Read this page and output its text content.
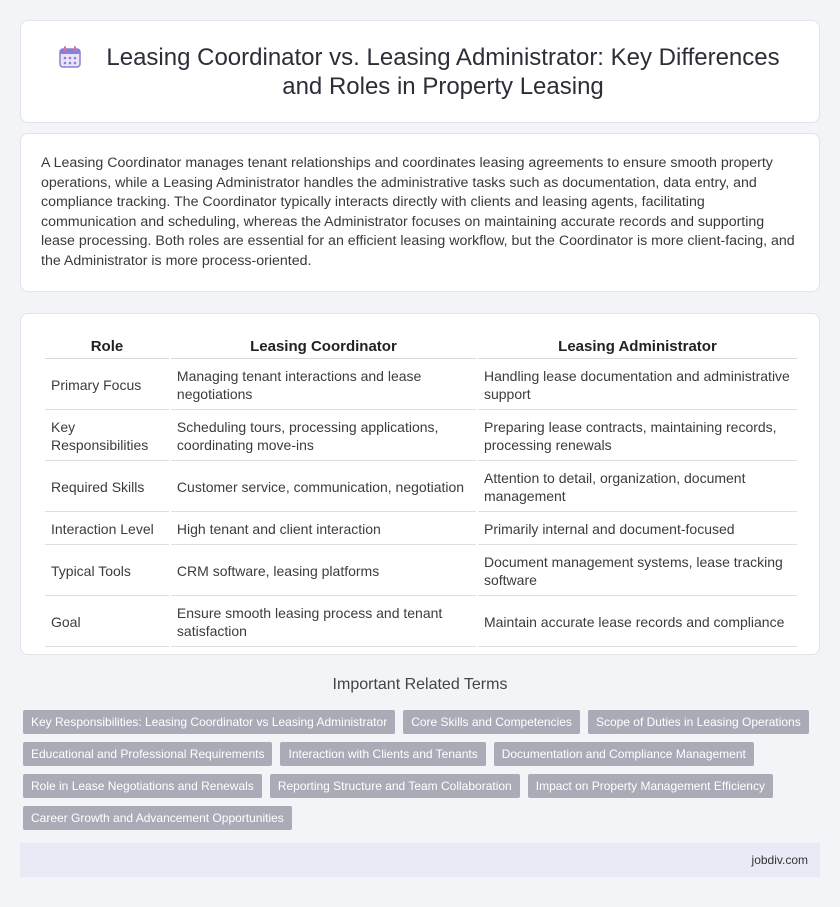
Leasing Coordinator vs. Leasing Administrator: Key Differences and Roles in Property Leasing

A Leasing Coordinator manages tenant relationships and coordinates leasing agreements to ensure smooth property operations, while a Leasing Administrator handles the administrative tasks such as documentation, data entry, and compliance tracking. The Coordinator typically interacts directly with clients and leasing agents, facilitating communication and scheduling, whereas the Administrator focuses on maintaining accurate records and supporting lease processing. Both roles are essential for an efficient leasing workflow, but the Coordinator is more client-facing, and the Administrator is more process-oriented.

Role	Leasing Coordinator	Leasing Administrator
Primary Focus	Managing tenant interactions and lease negotiations	Handling lease documentation and administrative support
Key Responsibilities	Scheduling tours, processing applications, coordinating move-ins	Preparing lease contracts, maintaining records, processing renewals
Required Skills	Customer service, communication, negotiation	Attention to detail, organization, document management
Interaction Level	High tenant and client interaction	Primarily internal and document-focused
Typical Tools	CRM software, leasing platforms	Document management systems, lease tracking software
Goal	Ensure smooth leasing process and tenant satisfaction	Maintain accurate lease records and compliance
Important Related Terms
Key Responsibilities: Leasing Coordinator vs Leasing Administrator	Core Skills and Competencies	Scope of Duties in Leasing Operations
Educational and Professional Requirements	Interaction with Clients and Tenants	Documentation and Compliance Management
Role in Lease Negotiations and Renewals	Reporting Structure and Team Collaboration	Impact on Property Management Efficiency
Career Growth and Advancement Opportunities
jobdiv.com
